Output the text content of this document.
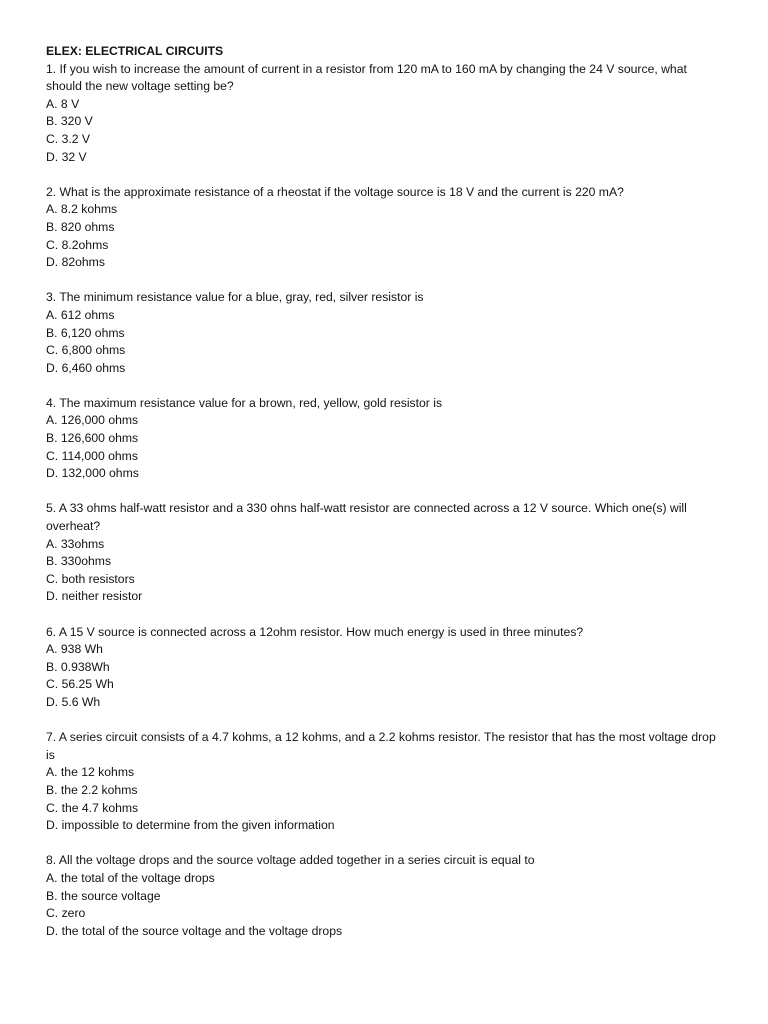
ELEX: ELECTRICAL CIRCUITS

1. If you wish to increase the amount of current in a resistor from 120 mA to 160 mA by changing the 24 V source, what should the new voltage setting be?

A. 8 V
B. 320 V
C. 3.2 V
D. 32 V

2. What is the approximate resistance of a rheostat if the voltage source is 18 V and the current is 220 mA?

A. 8.2 kohms
B. 820 ohms
C. 8.2ohms
D. 82ohms

3. The minimum resistance value for a blue, gray, red, silver resistor is

A. 612 ohms
B. 6,120 ohms
C. 6,800 ohms
D. 6,460 ohms

4. The maximum resistance value for a brown, red, yellow, gold resistor is

A. 126,000 ohms
B. 126,600 ohms
C. 114,000 ohms
D. 132,000 ohms

5. A 33 ohms half-watt resistor and a 330 ohns half-watt resistor are connected across a 12 V source. Which one(s) will overheat?

A. 33ohms
B. 330ohms
C. both resistors
D. neither resistor

6. A 15 V source is connected across a 12ohm resistor. How much energy is used in three minutes?

A. 938 Wh
B. 0.938Wh
C. 56.25 Wh
D. 5.6 Wh

7. A series circuit consists of a 4.7 kohms, a 12 kohms, and a 2.2 kohms resistor. The resistor that has the most voltage drop is

A. the 12 kohms
B. the 2.2 kohms
C. the 4.7 kohms
D. impossible to determine from the given information

8. All the voltage drops and the source voltage added together in a series circuit is equal to

A. the total of the voltage drops
B. the source voltage
C. zero
D. the total of the source voltage and the voltage drops
